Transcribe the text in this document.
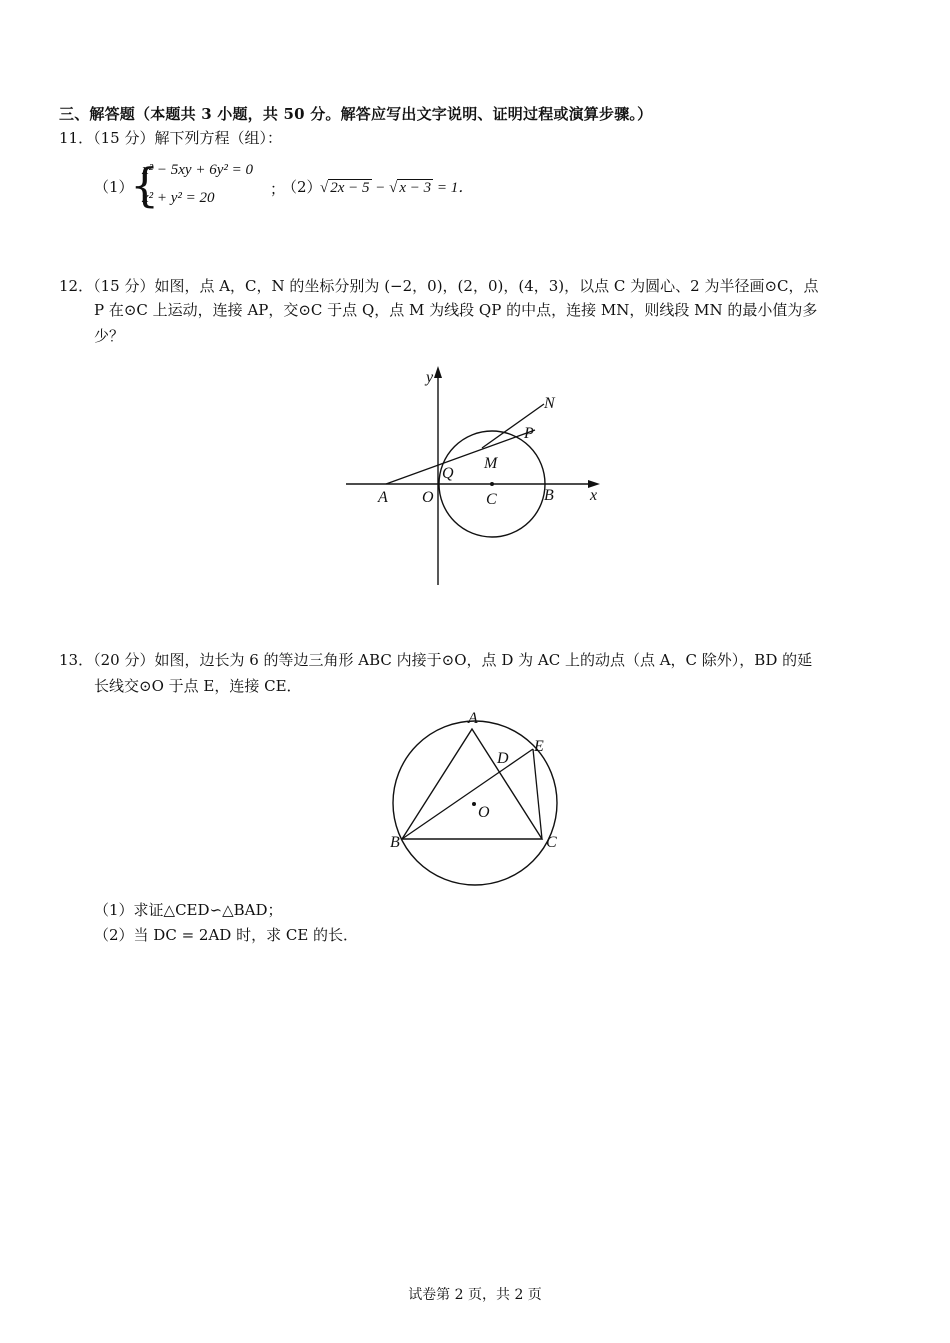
三、解答题（本题共 3 小题，共 50 分。解答应写出文字说明、证明过程或演算步骤。）
11．（15 分）解下列方程（组）：
（1）
{
x² − 5xy + 6y² = 0
x² + y² = 20	；
（2）
√ 2x − 5 − √ x − 3 = 1．
12．（15 分）如图，点 A，C，N 的坐标分别为 (−2，0)，(2，0)，(4，3)，以点 C 为圆心、2 为半径画⊙C，点
P 在⊙C 上运动，连接 AP，交⊙C 于点 Q，点 M 为线段 QP 的中点，连接 MN，则线段 MN 的最小值为多
少？
y
x
N
P
M
Q
A O	C	B
13．（20 分）如图，边长为 6 的等边三角形 ABC 内接于⊙O，点 D 为 AC 上的动点（点 A，C 除外），BD 的延
长线交⊙O 于点 E，连接 CE．
A
E
D
O
B	C
（1）求证△CED∽△BAD；
（2）当 DC = 2AD 时，求 CE 的长．
试卷第 2 页，共 2 页
